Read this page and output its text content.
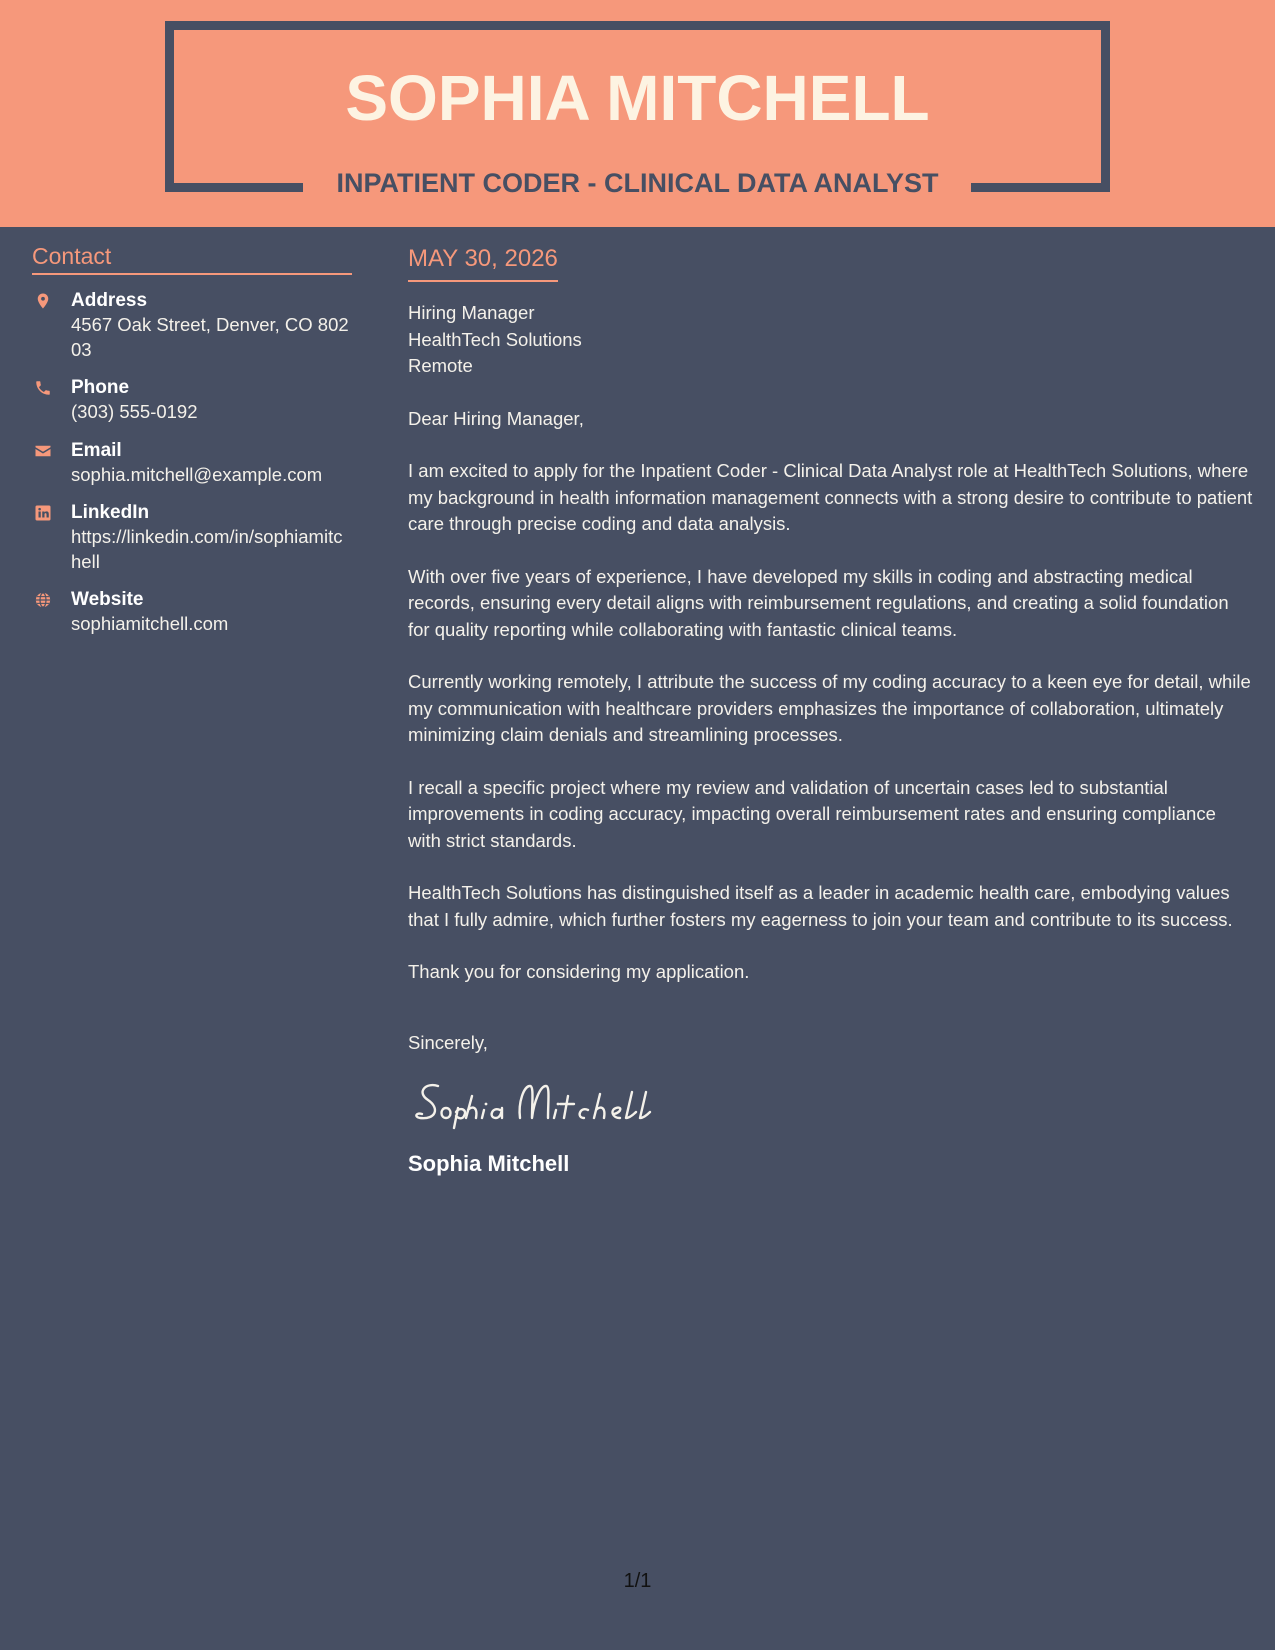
SOPHIA MITCHELL
INPATIENT CODER - CLINICAL DATA ANALYST
Contact
Address
4567 Oak Street, Denver, CO 80203
Phone
(303) 555-0192
Email
sophia.mitchell@example.com
LinkedIn
https://linkedin.com/in/sophiamitchell
Website
sophiamitchell.com
MAY 30, 2026
Hiring Manager
HealthTech Solutions
Remote
Dear Hiring Manager,

I am excited to apply for the Inpatient Coder - Clinical Data Analyst role at HealthTech Solutions, where my background in health information management connects with a strong desire to contribute to patient care through precise coding and data analysis.

With over five years of experience, I have developed my skills in coding and abstracting medical records, ensuring every detail aligns with reimbursement regulations, and creating a solid foundation for quality reporting while collaborating with fantastic clinical teams.

Currently working remotely, I attribute the success of my coding accuracy to a keen eye for detail, while my communication with healthcare providers emphasizes the importance of collaboration, ultimately minimizing claim denials and streamlining processes.

I recall a specific project where my review and validation of uncertain cases led to substantial improvements in coding accuracy, impacting overall reimbursement rates and ensuring compliance with strict standards.

HealthTech Solutions has distinguished itself as a leader in academic health care, embodying values that I fully admire, which further fosters my eagerness to join your team and contribute to its success.

Thank you for considering my application.

Sincerely,
Sophia Mitchell
1/1
